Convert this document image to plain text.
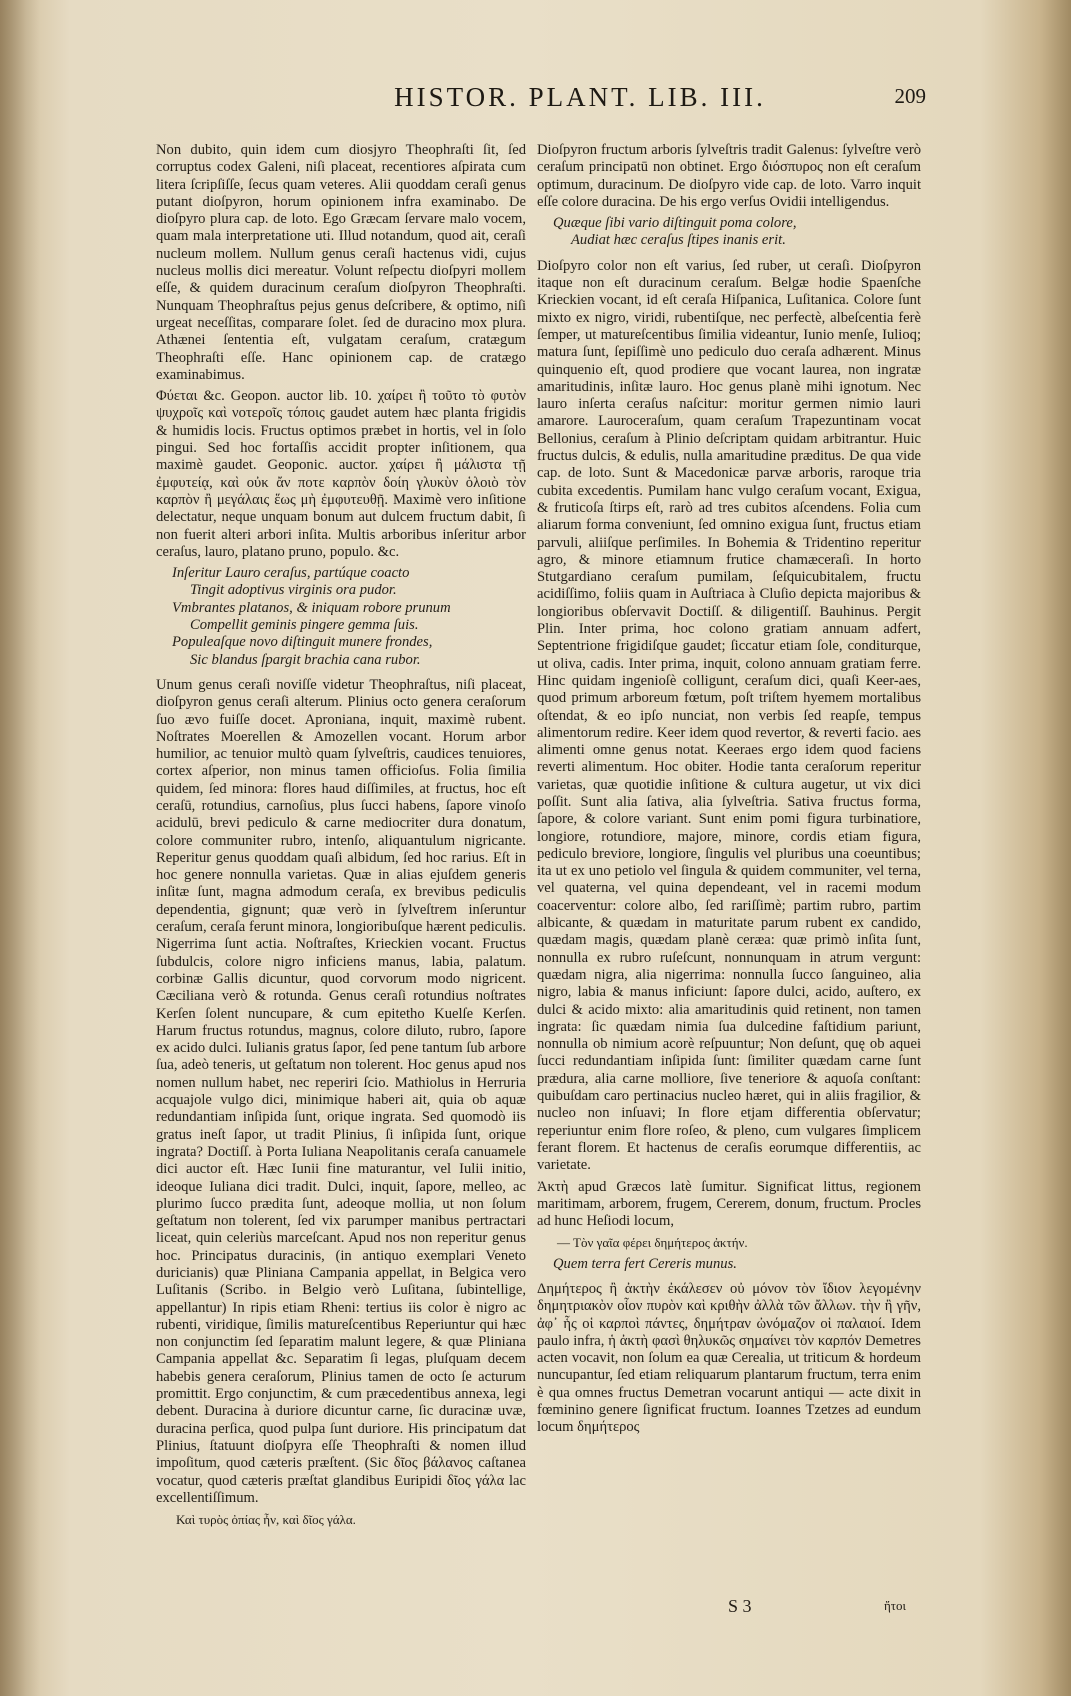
HISTOR. PLANT. LIB. III.	209

Non dubito, quin idem cum diosjyro Theophraſti ſit, ſed corruptus codex Galeni, niſi placeat, recentiores aſpirata cum litera ſcripſiſſe, ſecus quam veteres. Alii quoddam ceraſi genus putant dioſpyron, horum opinionem infra examinabo. De dioſpyro plura cap. de loto. Ego Græcam ſervare malo vocem, quam mala interpretatione uti. Illud notandum, quod ait, ceraſi nucleum mollem. Nullum genus ceraſi hactenus vidi, cujus nucleus mollis dici mereatur. Volunt reſpectu dioſpyri mollem eſſe, & quidem duracinum ceraſum dioſpyron Theophraſti. Nunquam Theophraſtus pejus genus deſcribere, & optimo, niſi urgeat neceſſitas, comparare ſolet. ſed de duracino mox plura. Athænei ſententia eſt, vulgatam ceraſum, cratægum Theophraſti eſſe. Hanc opinionem cap. de cratægo examinabimus.

Φύεται &c. Geopon. auctor lib. 10. χαίρει ἢ τοῦτο τὸ φυτὸν ψυχροῖς καὶ νοτεροῖς τόποις gaudet autem hæc planta frigidis & humidis locis. Fructus optimos præbet in hortis, vel in ſolo pingui. Sed hoc fortaſſis accidit propter inſitionem, qua maximè gaudet. Geoponic. auctor. χαίρει ἢ μάλιστα τῇ ἐμφυτείᾳ, καὶ οὐκ ἄν ποτε καρπὸν δοίη γλυκὺν ὁλοιὸ τὸν καρπὸν ἢ μεγάλαις ἕως μὴ ἐμφυτευθῇ. Maximè vero inſitione delectatur, neque unquam bonum aut dulcem fructum dabit, ſi non fuerit alteri arbori inſita. Multis arboribus inſeritur arbor ceraſus, lauro, platano pruno, populo. &c.

Inſeritur Lauro ceraſus, partúque coacto
Tingit adoptivus virginis ora pudor.
Vmbrantes platanos, & iniquam robore prunum
Compellit geminis pingere gemma ſuis.
Populeaſque novo diſtinguit munere frondes,
Sic blandus ſpargit brachia cana rubor.

Unum genus ceraſi noviſſe videtur Theophraſtus, niſi placeat, dioſpyron genus ceraſi alterum. Plinius octo genera ceraſorum ſuo ævo fuiſſe docet. Aproniana, inquit, maximè rubent. Noſtrates Moerellen & Amozellen vocant. Horum arbor humilior, ac tenuior multò quam ſylveſtris, caudices tenuiores, cortex aſperior, non minus tamen officioſus. Folia ſimilia quidem, ſed minora: flores haud diſſimiles, at fructus, hoc eſt ceraſū, rotundius, carnoſius, plus ſucci habens, ſapore vinoſo acidulū, brevi pediculo & carne mediocriter dura donatum, colore communiter rubro, intenſo, aliquantulum nigricante. Reperitur genus quoddam quaſi albidum, ſed hoc rarius. Eſt in hoc genere nonnulla varietas. Quæ in alias ejuſdem generis inſitæ ſunt, magna admodum ceraſa, ex brevibus pediculis dependentia, gignunt; quæ verò in ſylveſtrem inſeruntur ceraſum, ceraſa ferunt minora, longioribuſque hærent pediculis. Nigerrima ſunt actia. Noſtraſtes, Krieckien vocant. Fructus ſubdulcis, colore nigro inficiens manus, labia, palatum. corbinæ Gallis dicuntur, quod corvorum modo nigricent. Cæciliana verò & rotunda. Genus ceraſi rotundius noſtrates Kerſen ſolent nuncupare, & cum epitetho Kuelſe Kerſen. Harum fructus rotundus, magnus, colore diluto, rubro, ſapore ex acido dulci. Iulianis gratus ſapor, ſed pene tantum ſub arbore ſua, adeò teneris, ut geſtatum non tolerent. Hoc genus apud nos nomen nullum habet, nec reperiri ſcio. Mathiolus in Herruria acquajole vulgo dici, minimique haberi ait, quia ob aquæ redundantiam inſipida ſunt, orique ingrata. Sed quomodò iis gratus ineſt ſapor, ut tradit Plinius, ſi inſipida ſunt, orique ingrata? Doctiſſ. à Porta Iuliana Neapolitanis ceraſa canuamele dici auctor eſt. Hæc Iunii fine maturantur, vel Iulii initio, ideoque Iuliana dici tradit. Dulci, inquit, ſapore, melleo, ac plurimo ſucco prædita ſunt, adeoque mollia, ut non ſolum geſtatum non tolerent, ſed vix parumper manibus pertractari liceat, quin celeriùs marceſcant. Apud nos non reperitur genus hoc. Principatus duracinis, (in antiquo exemplari Veneto duricianis) quæ Pliniana Campania appellat, in Belgica vero Luſitanis (Scribo. in Belgio verò Luſitana, ſubintellige, appellantur) In ripis etiam Rheni: tertius iis color è nigro ac rubenti, viridique, ſimilis matureſcentibus Reperiuntur qui hæc non conjunctim ſed ſeparatim malunt legere, & quæ Pliniana Campania appellat &c. Separatim ſi legas, pluſquam decem habebis genera ceraſorum, Plinius tamen de octo ſe acturum promittit. Ergo conjunctim, & cum præcedentibus annexa, legi debent. Duracina à duriore dicuntur carne, ſic duracinæ uvæ, duracina perſica, quod pulpa ſunt duriore. His principatum dat Plinius, ſtatuunt dioſpyra eſſe Theophraſti & nomen illud impoſitum, quod cæteris præſtent. (Sic δῖος βάλανος caſtanea vocatur, quod cæteris præſtat glandibus Euripidi δῖος γάλα lac excellentiſſimum.

Καὶ τυρὸς ὀπίας ἦν, καὶ δῖος γάλα.

Dioſpyron fructum arboris ſylveſtris tradit Galenus: ſylveſtre verò ceraſum principatū non obtinet. Ergo διόσπυρος non eſt ceraſum optimum, duracinum. De dioſpyro vide cap. de loto. Varro inquit eſſe colore duracina. De his ergo verſus Ovidii intelligendus.

Quæque ſibi vario diſtinguit poma colore,
Audiat hæc ceraſus ſtipes inanis erit.

Dioſpyro color non eſt varius, ſed ruber, ut ceraſi. Dioſpyron itaque non eſt duracinum ceraſum. Belgæ hodie Spaenſche Krieckien vocant, id eſt ceraſa Hiſpanica, Luſitanica. Colore ſunt mixto ex nigro, viridi, rubentiſque, nec perfectè, albeſcentia ferè ſemper, ut matureſcentibus ſimilia videantur, Iunio menſe, Iulioq; matura ſunt, ſepiſſimè uno pediculo duo ceraſa adhærent. Minus quinquenio eſt, quod prodiere que vocant laurea, non ingratæ amaritudinis, inſitæ lauro. Hoc genus planè mihi ignotum. Nec lauro inſerta ceraſus naſcitur: moritur germen nimio lauri amarore. Lauroceraſum, quam ceraſum Trapezuntinam vocat Bellonius, ceraſum à Plinio deſcriptam quidam arbitrantur. Huic fructus dulcis, & edulis, nulla amaritudine præditus. De qua vide cap. de loto. Sunt & Macedonicæ parvæ arboris, raroque tria cubita excedentis. Pumilam hanc vulgo ceraſum vocant, Exigua, & fruticoſa ſtirps eſt, rarò ad tres cubitos aſcendens. Folia cum aliarum forma conveniunt, ſed omnino exigua ſunt, fructus etiam parvuli, aliiſque perſimiles. In Bohemia & Tridentino reperitur agro, & minore etiamnum frutice chamæceraſi. In horto Stutgardiano ceraſum pumilam, ſeſquicubitalem, fructu acidiſſimo, foliis quam in Auſtriaca à Cluſio depicta majoribus & longioribus obſervavit Doctiſſ. & diligentiſſ. Bauhinus. Pergit Plin. Inter prima, hoc colono gratiam annuam adfert, Septentrione frigidiſque gaudet; ſiccatur etiam ſole, conditurque, ut oliva, cadis. Inter prima, inquit, colono annuam gratiam ferre. Hinc quidam ingenioſè colligunt, ceraſum dici, quaſi Keer-aes, quod primum arboreum fœtum, poſt triſtem hyemem mortalibus oſtendat, & eo ipſo nunciat, non verbis ſed reapſe, tempus alimentorum redire. Keer idem quod revertor, & reverti facio. aes alimenti omne genus notat. Keeraes ergo idem quod faciens reverti alimentum. Hoc obiter. Hodie tanta ceraſorum reperitur varietas, quæ quotidie inſitione & cultura augetur, ut vix dici poſſit. Sunt alia ſativa, alia ſylveſtria. Sativa fructus forma, ſapore, & colore variant. Sunt enim pomi figura turbinatiore, longiore, rotundiore, majore, minore, cordis etiam figura, pediculo breviore, longiore, ſingulis vel pluribus una coeuntibus; ita ut ex uno petiolo vel ſingula & quidem communiter, vel terna, vel quaterna, vel quina dependeant, vel in racemi modum coacerventur: colore albo, ſed rariſſimè; partim rubro, partim albicante, & quædam in maturitate parum rubent ex candido, quædam magis, quædam planè ceræa: quæ primò inſita ſunt, nonnulla ex rubro ruſeſcunt, nonnunquam in atrum vergunt: quædam nigra, alia nigerrima: nonnulla ſucco ſanguineo, alia nigro, labia & manus inficiunt: ſapore dulci, acido, auſtero, ex dulci & acido mixto: alia amaritudinis quid retinent, non tamen ingrata: ſic quædam nimia ſua dulcedine faſtidium pariunt, nonnulla ob nimium acorè reſpuuntur; Non deſunt, quę ob aquei ſucci redundantiam inſipida ſunt: ſimiliter quædam carne ſunt prædura, alia carne molliore, ſive teneriore & aquoſa conſtant: quibuſdam caro pertinacius nucleo hæret, qui in aliis fragilior, & nucleo non inſuavi; In flore etjam differentia obſervatur; reperiuntur enim flore roſeo, & pleno, cum vulgares ſimplicem ferant florem. Et hactenus de ceraſis eorumque differentiis, ac varietate.

Ἀκτὴ apud Græcos latè ſumitur. Significat littus, regionem maritimam, arborem, frugem, Cererem, donum, fructum. Procles ad hunc Heſiodi locum,

— Τὸν γαῖα φέρει δημήτερος ἀκτήν.

Quem terra fert Cereris munus.

Δημήτερος ἢ ἀκτὴν ἐκάλεσεν οὐ μόνον τὸν ἴδιον λεγομένην δημητριακὸν οἷον πυρὸν καὶ κριθὴν ἀλλὰ τῶν ἄλλων. τὴν ἢ γῆν, ἀφ᾽ ἧς οἱ καρποὶ πάντες, δημήτραν ὠνόμαζον οἱ παλαιοί. Idem paulo infra, ἡ ἀκτὴ φασὶ θηλυκῶς σημαίνει τὸν καρπόν Demetres acten vocavit, non ſolum ea quæ Cerealia, ut triticum & hordeum nuncupantur, ſed etiam reliquarum plantarum fructum, terra enim è qua omnes fructus Demetran vocarunt antiqui — acte dixit in fœminino genere ſignificat fructum. Ioannes Tzetzes ad eundum locum δημήτερος

S 3	ἤτοι
